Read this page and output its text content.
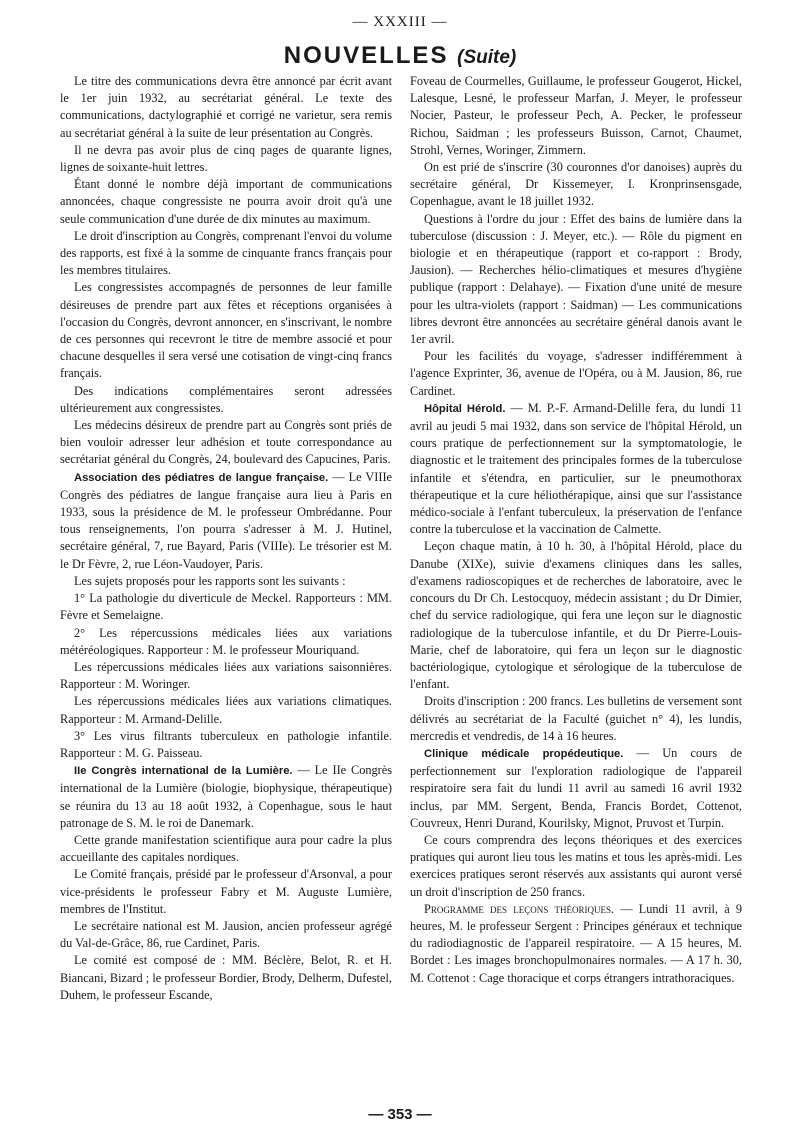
— XXXIII —
NOUVELLES (Suite)

Le titre des communications devra être annoncé par écrit avant le 1er juin 1932, au secrétariat général. Le texte des communications, dactylographié et corrigé ne varietur, sera remis au secrétariat général à la suite de leur présentation au Congrès.

Il ne devra pas avoir plus de cinq pages de quarante lignes, lignes de soixante-huit lettres.

Étant donné le nombre déjà important de communications annoncées, chaque congressiste ne pourra avoir droit qu'à une seule communication d'une durée de dix minutes au maximum.

Le droit d'inscription au Congrès, comprenant l'envoi du volume des rapports, est fixé à la somme de cinquante francs français pour les membres titulaires.

Les congressistes accompagnés de personnes de leur famille désireuses de prendre part aux fêtes et réceptions organisées à l'occasion du Congrès, devront annoncer, en s'inscrivant, le nombre de ces personnes qui recevront le titre de membre associé et pour chacune desquelles il sera versé une cotisation de vingt-cinq francs français.

Des indications complémentaires seront adressées ultérieurement aux congressistes.

Les médecins désireux de prendre part au Congrès sont priés de bien vouloir adresser leur adhésion et toute correspondance au secrétariat général du Congrès, 24, boulevard des Capucines, Paris.

Association des pédiatres de langue française. — Le VIIIe Congrès des pédiatres de langue française aura lieu à Paris en 1933, sous la présidence de M. le professeur Ombrédanne. Pour tous renseignements, l'on pourra s'adresser à M. J. Hutinel, secrétaire général, 7, rue Bayard, Paris (VIIIe). Le trésorier est M. le Dr Fèvre, 2, rue Léon-Vaudoyer, Paris.

Les sujets proposés pour les rapports sont les suivants :

1° La pathologie du diverticule de Meckel. Rapporteurs : MM. Fèvre et Semelaigne.

2° Les répercussions médicales liées aux variations météréologiques. Rapporteur : M. le professeur Mouriquand.

Les répercussions médicales liées aux variations saisonnières. Rapporteur : M. Woringer.

Les répercussions médicales liées aux variations climatiques. Rapporteur : M. Armand-Delille.

3° Les virus filtrants tuberculeux en pathologie infantile. Rapporteur : M. G. Paisseau.

IIe Congrès international de la Lumière. — Le IIe Congrès international de la Lumière (biologie, biophysique, thérapeutique) se réunira du 13 au 18 août 1932, à Copenhague, sous le haut patronage de S. M. le roi de Danemark.

Cette grande manifestation scientifique aura pour cadre la plus accueillante des capitales nordiques.

Le Comité français, présidé par le professeur d'Arsonval, a pour vice-présidents le professeur Fabry et M. Auguste Lumière, membres de l'Institut.

Le secrétaire national est M. Jausion, ancien professeur agrégé du Val-de-Grâce, 86, rue Cardinet, Paris.

Le comité est composé de : MM. Béclère, Belot, R. et H. Biancani, Bizard ; le professeur Bordier, Brody, Delherm, Dufestel, Duhem, le professeur Escande,

Foveau de Courmelles, Guillaume, le professeur Gougerot, Hickel, Lalesque, Lesné, le professeur Marfan, J. Meyer, le professeur Nocier, Pasteur, le professeur Pech, A. Pecker, le professeur Richou, Saidman ; les professeurs Buisson, Carnot, Chaumet, Strohl, Vernes, Woringer, Zimmern.

On est prié de s'inscrire (30 couronnes d'or danoises) auprès du secrétaire général, Dr Kissemeyer, I. Kronprinsensgade, Copenhague, avant le 18 juillet 1932.

Questions à l'ordre du jour : Effet des bains de lumière dans la tuberculose (discussion : J. Meyer, etc.). — Rôle du pigment en biologie et en thérapeutique (rapport et co-rapport : Brody, Jausion). — Recherches hélio-climatiques et mesures d'hygiène publique (rapport : Delahaye). — Fixation d'une unité de mesure pour les ultra-violets (rapport : Saidman) — Les communications libres devront être annoncées au secrétaire général danois avant le 1er avril.

Pour les facilités du voyage, s'adresser indifféremment à l'agence Exprinter, 36, avenue de l'Opéra, ou à M. Jausion, 86, rue Cardinet.

Hôpital Hérold. — M. P.-F. Armand-Delille fera, du lundi 11 avril au jeudi 5 mai 1932, dans son service de l'hôpital Hérold, un cours pratique de perfectionnement sur la symptomatologie, le diagnostic et le traitement des principales formes de la tuberculose infantile et s'étendra, en particulier, sur le pneumothorax thérapeutique et la cure héliothérapique, ainsi que sur l'assistance médico-sociale à l'enfant tuberculeux, la préservation de l'enfance contre la tuberculose et la vaccination de Calmette.

Leçon chaque matin, à 10 h. 30, à l'hôpital Hérold, place du Danube (XIXe), suivie d'examens cliniques dans les salles, d'examens radioscopiques et de recherches de laboratoire, avec le concours du Dr Ch. Lestocquoy, médecin assistant ; du Dr Dimier, chef du service radiologique, qui fera une leçon sur le diagnostic radiologique de la tuberculose infantile, et du Dr Pierre-Louis-Marie, chef de laboratoire, qui fera un leçon sur le diagnostic bactériologique, cytologique et sérologique de la tuberculose de l'enfant.

Droits d'inscription : 200 francs. Les bulletins de versement sont délivrés au secrétariat de la Faculté (guichet n° 4), les lundis, mercredis et vendredis, de 14 à 16 heures.

Clinique médicale propédeutique. — Un cours de perfectionnement sur l'exploration radiologique de l'appareil respiratoire sera fait du lundi 11 avril au samedi 16 avril 1932 inclus, par MM. Sergent, Benda, Francis Bordet, Cottenot, Couvreux, Henri Durand, Kourilsky, Mignot, Pruvost et Turpin.

Ce cours comprendra des leçons théoriques et des exercices pratiques qui auront lieu tous les matins et tous les après-midi. Les exercices pratiques seront réservés aux assistants qui auront versé un droit d'inscription de 250 francs.

Programme des leçons théoriques. — Lundi 11 avril, à 9 heures, M. le professeur Sergent : Principes généraux et technique du radiodiagnostic de l'appareil respiratoire. — A 15 heures, M. Bordet : Les images bronchopulmonaires normales. — A 17 h. 30, M. Cottenot : Cage thoracique et corps étrangers intrathoraciques.

— 353 —
